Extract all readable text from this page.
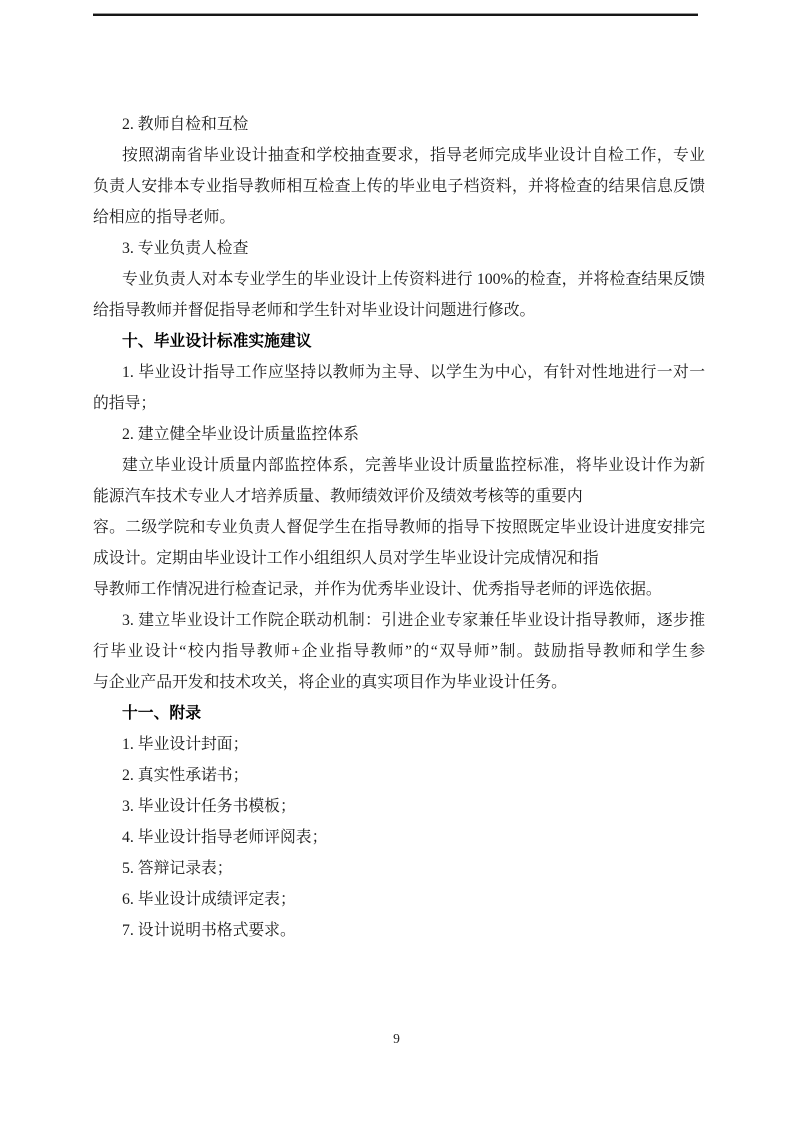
2. 教师自检和互检
按照湖南省毕业设计抽查和学校抽查要求，指导老师完成毕业设计自检工作，专业
负责人安排本专业指导教师相互检查上传的毕业电子档资料，并将检查的结果信息反馈
给相应的指导老师。
3. 专业负责人检查
专业负责人对本专业学生的毕业设计上传资料进行 100%的检查，并将检查结果反馈
给指导教师并督促指导老师和学生针对毕业设计问题进行修改。
十、毕业设计标准实施建议
1. 毕业设计指导工作应坚持以教师为主导、以学生为中心，有针对性地进行一对一
的指导；
2. 建立健全毕业设计质量监控体系
建立毕业设计质量内部监控体系，完善毕业设计质量监控标准，将毕业设计作为新
能源汽车技术专业人才培养质量、教师绩效评价及绩效考核等的重要内
容。二级学院和专业负责人督促学生在指导教师的指导下按照既定毕业设计进度安排完
成设计。定期由毕业设计工作小组组织人员对学生毕业设计完成情况和指
导教师工作情况进行检查记录，并作为优秀毕业设计、优秀指导老师的评选依据。
3. 建立毕业设计工作院企联动机制：引进企业专家兼任毕业设计指导教师，逐步推
行毕业设计“校内指导教师+企业指导教师”的“双导师”制。鼓励指导教师和学生参
与企业产品开发和技术攻关，将企业的真实项目作为毕业设计任务。
十一、附录
1. 毕业设计封面；
2. 真实性承诺书；
3. 毕业设计任务书模板；
4. 毕业设计指导老师评阅表；
5. 答辩记录表；
6. 毕业设计成绩评定表；
7. 设计说明书格式要求。
9
